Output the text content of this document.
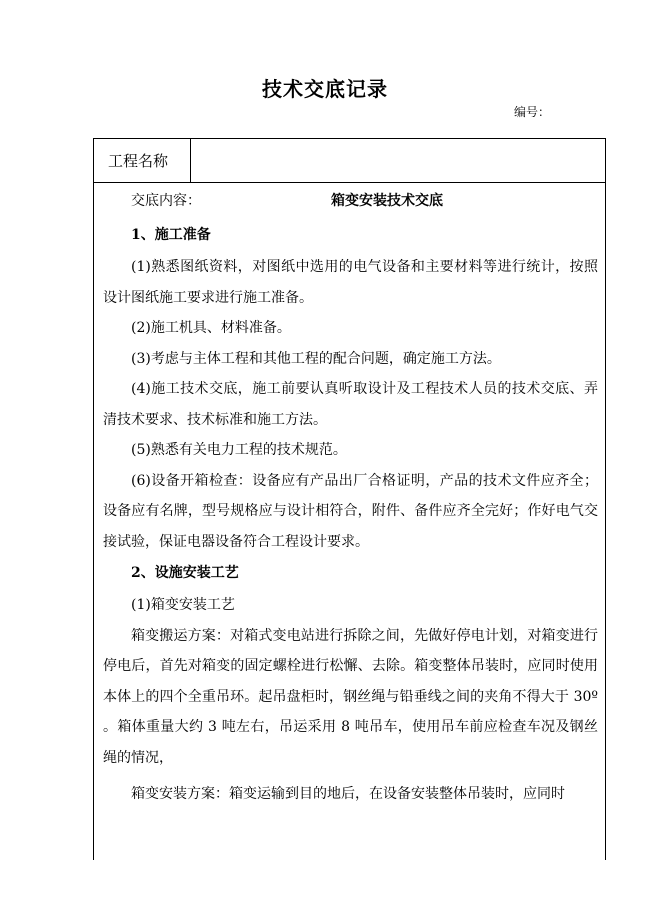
技术交底记录
编号：
工程名称
交底内容：	箱变安装技术交底

1、施工准备

(1)熟悉图纸资料，对图纸中选用的电气设备和主要材料等进行统计，按照设计图纸施工要求进行施工准备。

(2)施工机具、材料准备。

(3)考虑与主体工程和其他工程的配合问题，确定施工方法。

(4)施工技术交底，施工前要认真听取设计及工程技术人员的技术交底、弄清技术要求、技术标准和施工方法。

(5)熟悉有关电力工程的技术规范。

(6)设备开箱检查：设备应有产品出厂合格证明，产品的技术文件应齐全；设备应有名牌，型号规格应与设计相符合，附件、备件应齐全完好；作好电气交接试验，保证电器设备符合工程设计要求。

2、设施安装工艺

(1)箱变安装工艺

箱变搬运方案：对箱式变电站进行拆除之间，先做好停电计划，对箱变进行停电后，首先对箱变的固定螺栓进行松懈、去除。箱变整体吊装时，应同时使用本体上的四个全重吊环。起吊盘柜时，钢丝绳与铅垂线之间的夹角不得大于 30º 。箱体重量大约 3 吨左右，吊运采用 8 吨吊车，使用吊车前应检查车况及钢丝绳的情况，

箱变安装方案：箱变运输到目的地后，在设备安装整体吊装时，应同时
